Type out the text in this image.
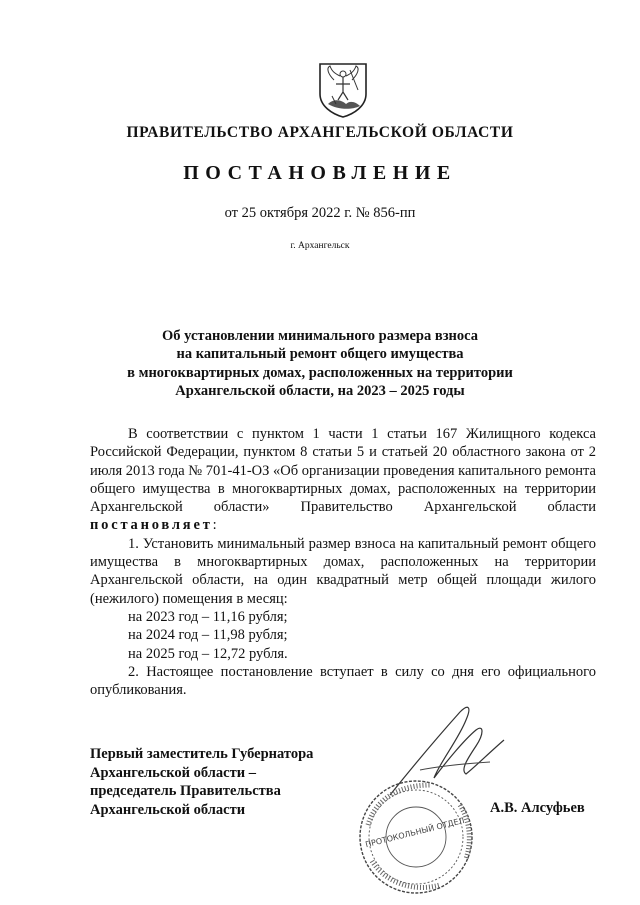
ПРАВИТЕЛЬСТВО АРХАНГЕЛЬСКОЙ ОБЛАСТИ
ПОСТАНОВЛЕНИЕ
от 25 октября 2022 г. № 856-пп
г. Архангельск
Об установлении минимального размера взноса
на капитальный ремонт общего имущества
в многоквартирных домах, расположенных на территории
Архангельской области, на 2023 – 2025 годы

В соответствии с пунктом 1 части 1 статьи 167 Жилищного кодекса Российской Федерации, пунктом 8 статьи 5 и статьей 20 областного закона от 2 июля 2013 года № 701-41-ОЗ «Об организации проведения капитального ремонта общего имущества в многоквартирных домах, расположенных на территории Архангельской области» Правительство Архангельской области постановляет:

1. Установить минимальный размер взноса на капитальный ремонт общего имущества в многоквартирных домах, расположенных на территории Архангельской области, на один квадратный метр общей площади жилого (нежилого) помещения в месяц:

на 2023 год – 11,16 рубля;
на 2024 год – 11,98 рубля;
на 2025 год – 12,72 рубля.

2. Настоящее постановление вступает в силу со дня его официального опубликования.

Первый заместитель Губернатора
Архангельской области –
председатель Правительства
Архангельской области
ПРОТОКОЛЬНЫЙ ОТДЕЛ
А.В. Алсуфьев
